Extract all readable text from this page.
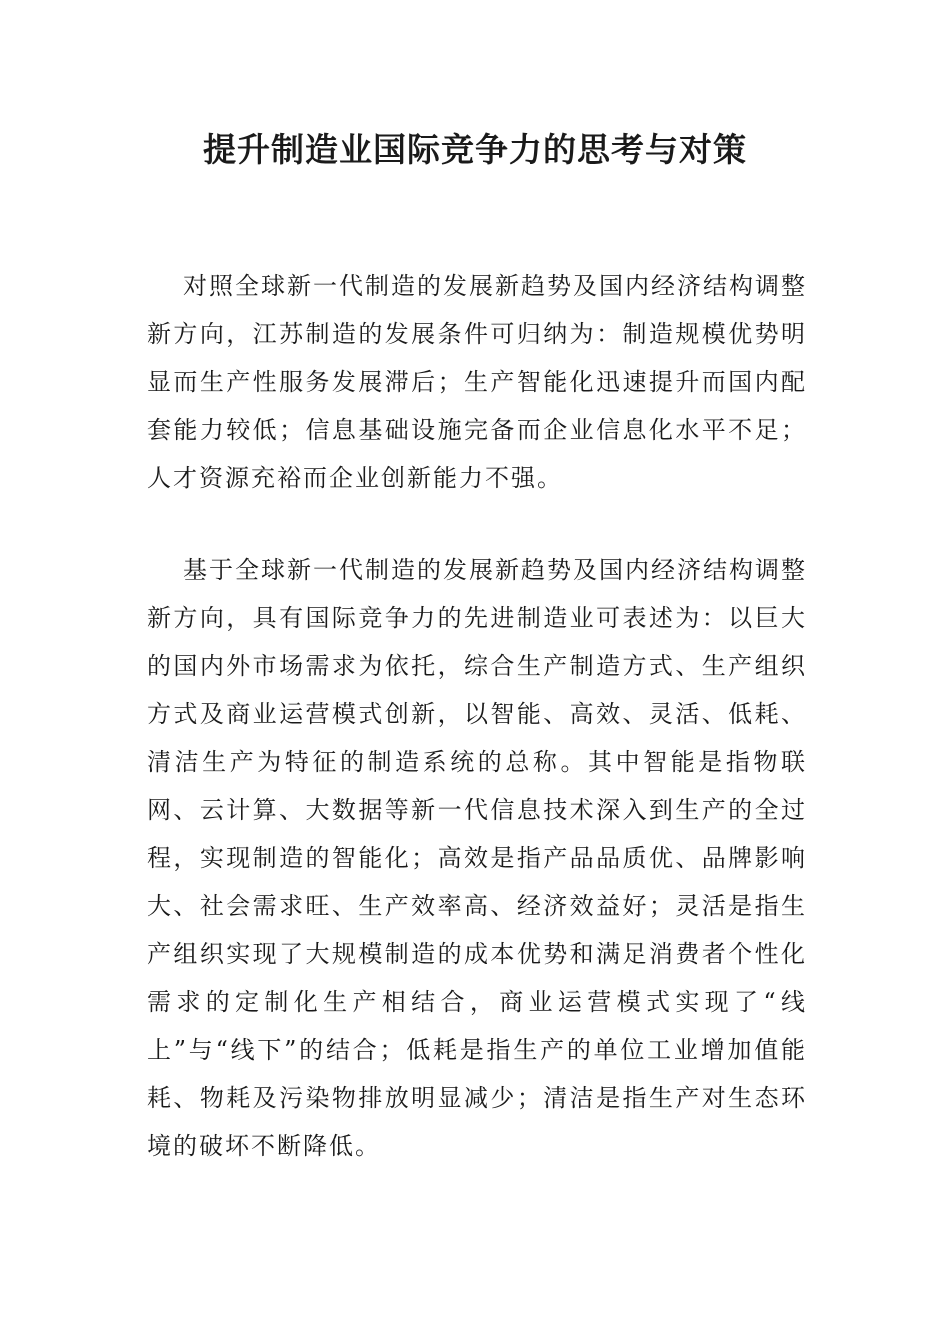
提升制造业国际竞争力的思考与对策

对照全球新一代制造的发展新趋势及国内经济结构调整新方向，江苏制造的发展条件可归纳为：制造规模优势明显而生产性服务发展滞后；生产智能化迅速提升而国内配套能力较低；信息基础设施完备而企业信息化水平不足；人才资源充裕而企业创新能力不强。

基于全球新一代制造的发展新趋势及国内经济结构调整新方向，具有国际竞争力的先进制造业可表述为：以巨大的国内外市场需求为依托，综合生产制造方式、生产组织方式及商业运营模式创新，以智能、高效、灵活、低耗、清洁生产为特征的制造系统的总称。其中智能是指物联网、云计算、大数据等新一代信息技术深入到生产的全过程，实现制造的智能化；高效是指产品品质优、品牌影响大、社会需求旺、生产效率高、经济效益好；灵活是指生产组织实现了大规模制造的成本优势和满足消费者个性化需求的定制化生产相结合，商业运营模式实现了“线上”与“线下”的结合；低耗是指生产的单位工业增加值能耗、物耗及污染物排放明显减少；清洁是指生产对生态环境的破坏不断降低。
